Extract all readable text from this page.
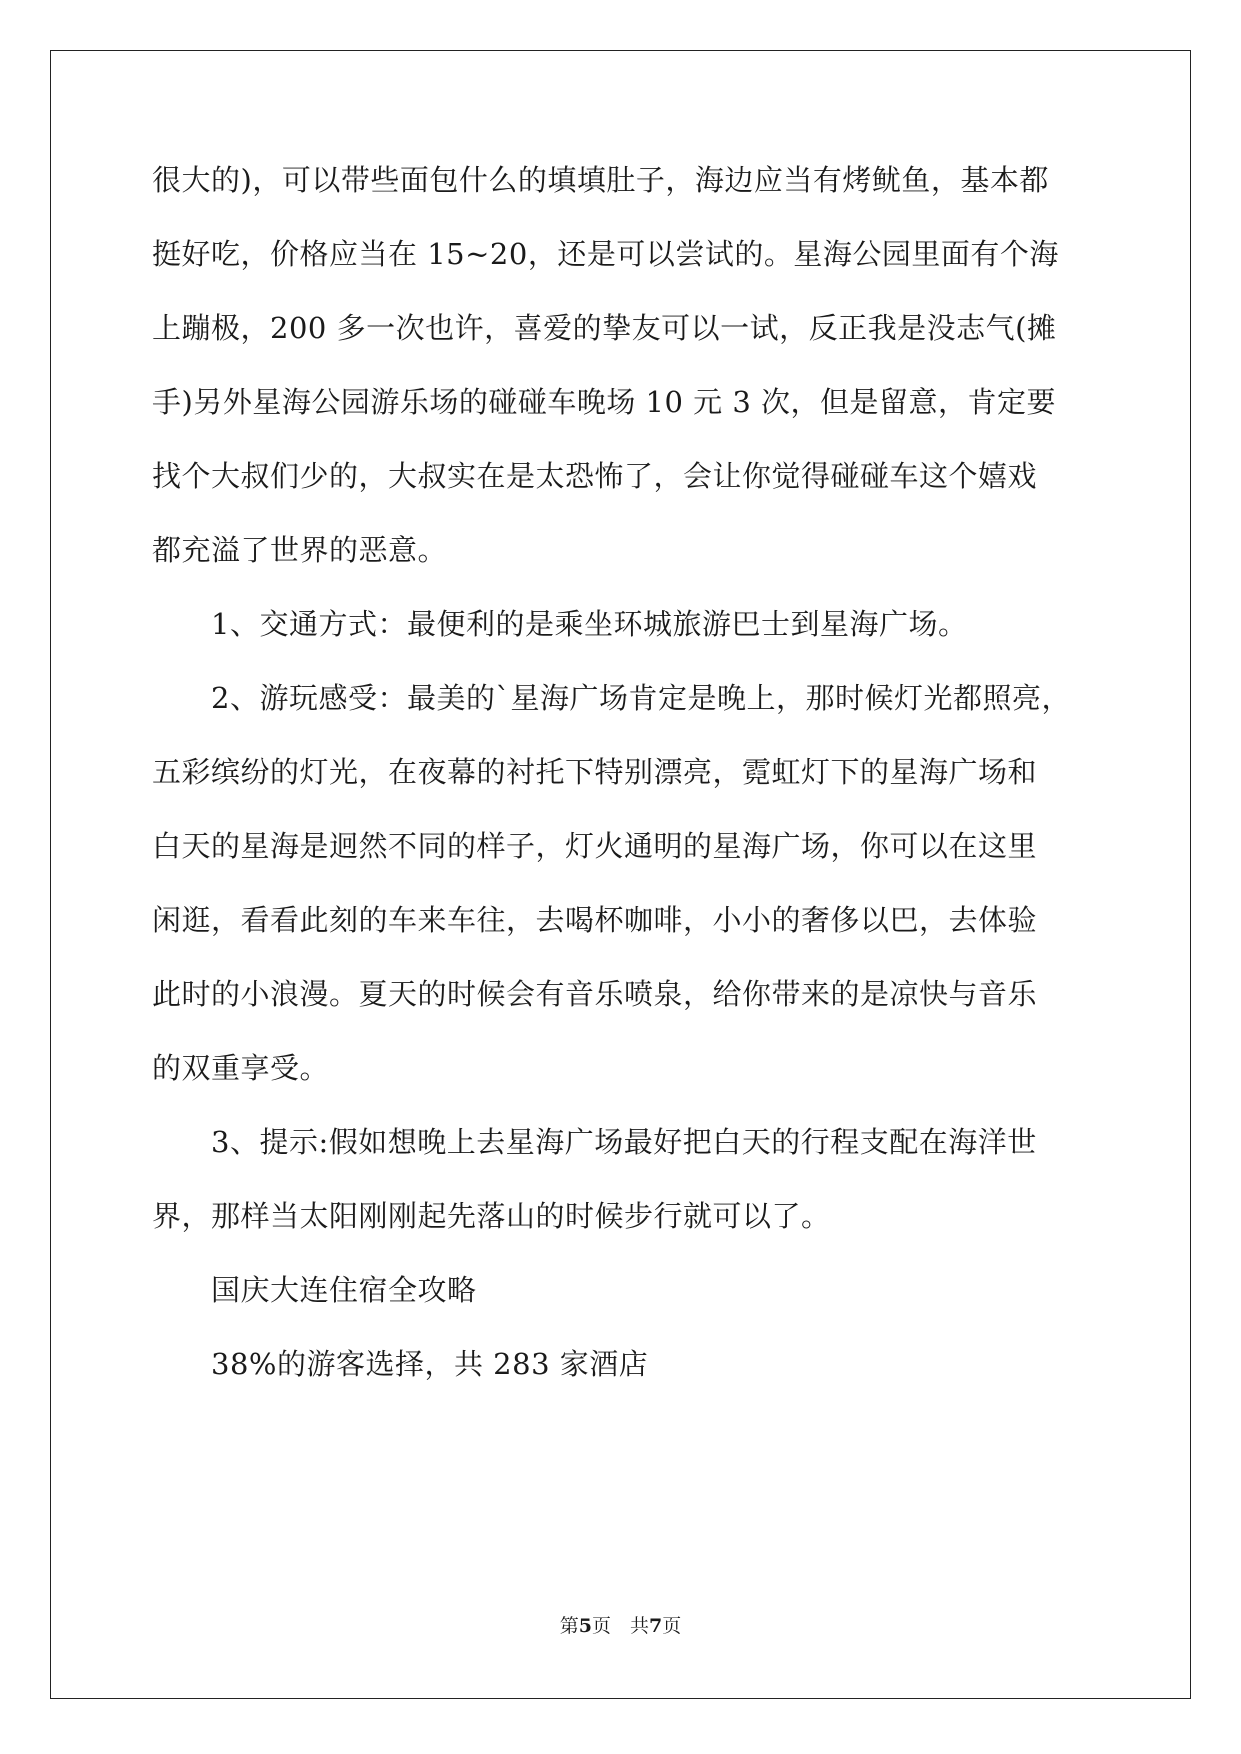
很大的)，可以带些面包什么的填填肚子，海边应当有烤鱿鱼，基本都
挺好吃，价格应当在 15~20，还是可以尝试的。星海公园里面有个海
上蹦极，200 多一次也许，喜爱的挚友可以一试，反正我是没志气(摊
手)另外星海公园游乐场的碰碰车晚场 10 元 3 次，但是留意，肯定要
找个大叔们少的，大叔实在是太恐怖了，会让你觉得碰碰车这个嬉戏
都充溢了世界的恶意。
　　1、交通方式：最便利的是乘坐环城旅游巴士到星海广场。
　　2、游玩感受：最美的`星海广场肯定是晚上，那时候灯光都照亮，
五彩缤纷的灯光，在夜幕的衬托下特别漂亮，霓虹灯下的星海广场和
白天的星海是迥然不同的样子，灯火通明的星海广场，你可以在这里
闲逛，看看此刻的车来车往，去喝杯咖啡，小小的奢侈以巴，去体验
此时的小浪漫。夏天的时候会有音乐喷泉，给你带来的是凉快与音乐
的双重享受。
　　3、提示:假如想晚上去星海广场最好把白天的行程支配在海洋世
界，那样当太阳刚刚起先落山的时候步行就可以了。
　　国庆大连住宿全攻略
　　38%的游客选择，共 283 家酒店
第5页　共7页
